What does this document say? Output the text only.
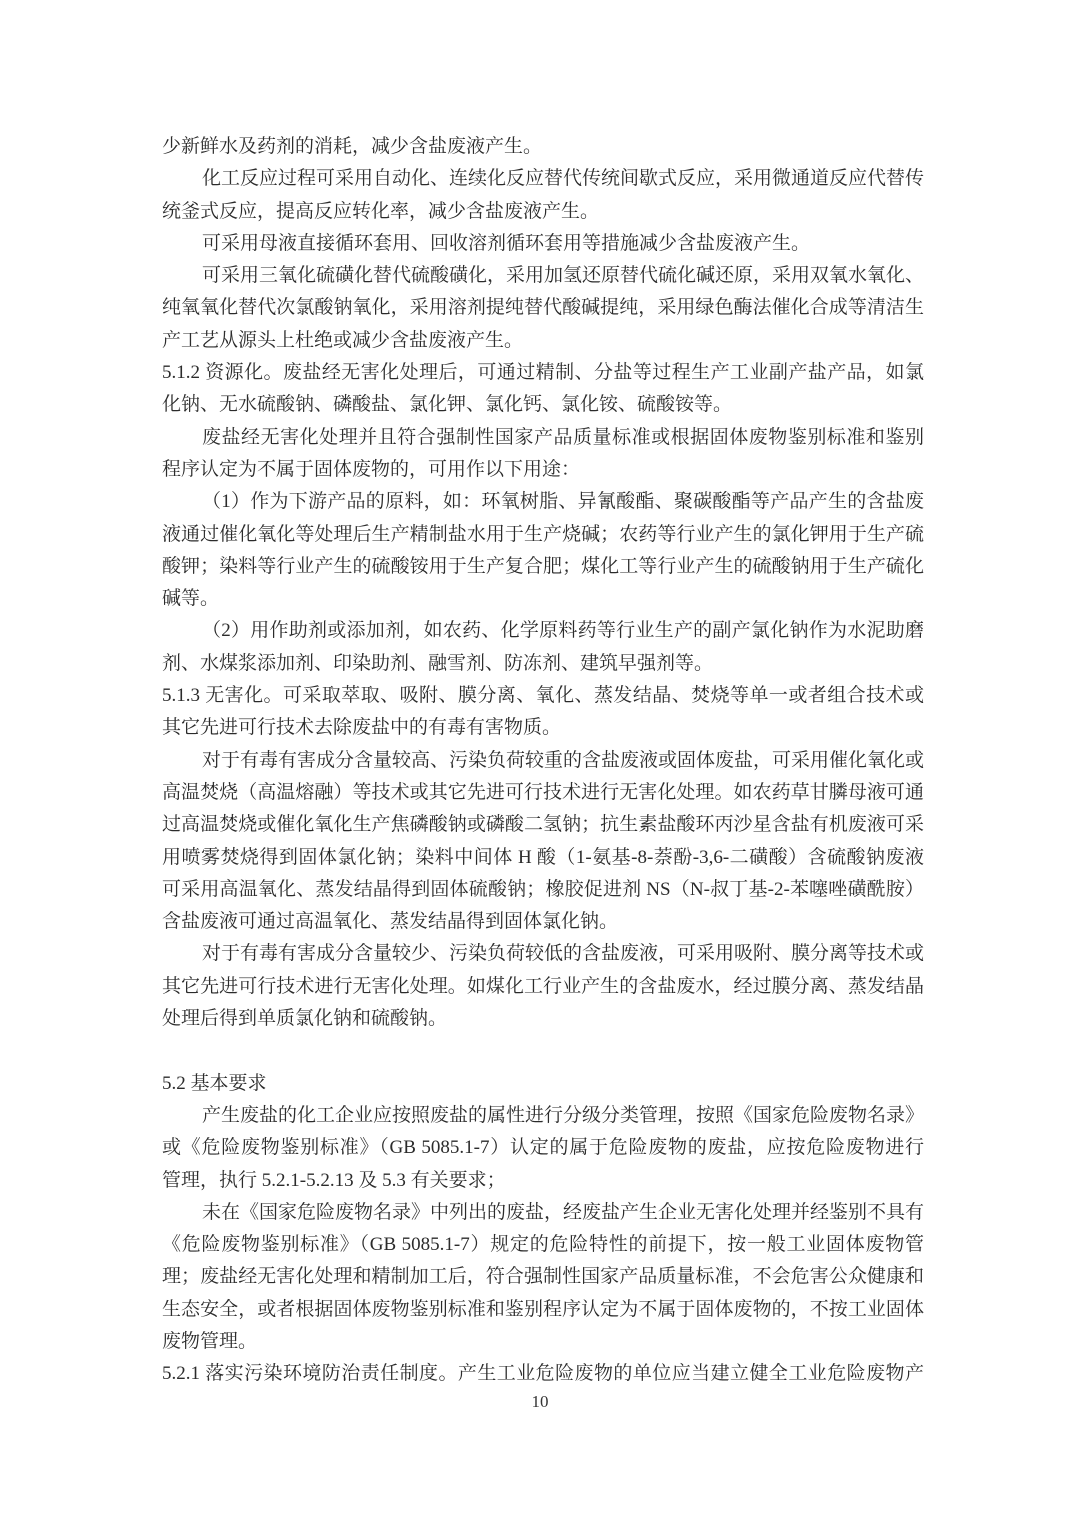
少新鲜水及药剂的消耗，减少含盐废液产生。
化工反应过程可采用自动化、连续化反应替代传统间歇式反应，采用微通道反应代替传
统釜式反应，提高反应转化率，减少含盐废液产生。
可采用母液直接循环套用、回收溶剂循环套用等措施减少含盐废液产生。
可采用三氧化硫磺化替代硫酸磺化，采用加氢还原替代硫化碱还原，采用双氧水氧化、
纯氧氧化替代次氯酸钠氧化，采用溶剂提纯替代酸碱提纯，采用绿色酶法催化合成等清洁生
产工艺从源头上杜绝或减少含盐废液产生。
5.1.2 资源化。废盐经无害化处理后，可通过精制、分盐等过程生产工业副产盐产品，如氯
化钠、无水硫酸钠、磷酸盐、氯化钾、氯化钙、氯化铵、硫酸铵等。
废盐经无害化处理并且符合强制性国家产品质量标准或根据固体废物鉴别标准和鉴别
程序认定为不属于固体废物的，可用作以下用途：
（1）作为下游产品的原料，如：环氧树脂、异氰酸酯、聚碳酸酯等产品产生的含盐废
液通过催化氧化等处理后生产精制盐水用于生产烧碱；农药等行业产生的氯化钾用于生产硫
酸钾；染料等行业产生的硫酸铵用于生产复合肥；煤化工等行业产生的硫酸钠用于生产硫化
碱等。
（2）用作助剂或添加剂，如农药、化学原料药等行业生产的副产氯化钠作为水泥助磨
剂、水煤浆添加剂、印染助剂、融雪剂、防冻剂、建筑早强剂等。
5.1.3 无害化。可采取萃取、吸附、膜分离、氧化、蒸发结晶、焚烧等单一或者组合技术或
其它先进可行技术去除废盐中的有毒有害物质。
对于有毒有害成分含量较高、污染负荷较重的含盐废液或固体废盐，可采用催化氧化或
高温焚烧（高温熔融）等技术或其它先进可行技术进行无害化处理。如农药草甘膦母液可通
过高温焚烧或催化氧化生产焦磷酸钠或磷酸二氢钠；抗生素盐酸环丙沙星含盐有机废液可采
用喷雾焚烧得到固体氯化钠；染料中间体 H 酸（1-氨基-8-萘酚-3,6-二磺酸）含硫酸钠废液
可采用高温氧化、蒸发结晶得到固体硫酸钠；橡胶促进剂 NS（N-叔丁基-2-苯噻唑磺酰胺）
含盐废液可通过高温氧化、蒸发结晶得到固体氯化钠。
对于有毒有害成分含量较少、污染负荷较低的含盐废液，可采用吸附、膜分离等技术或
其它先进可行技术进行无害化处理。如煤化工行业产生的含盐废水，经过膜分离、蒸发结晶
处理后得到单质氯化钠和硫酸钠。
5.2 基本要求
产生废盐的化工企业应按照废盐的属性进行分级分类管理，按照《国家危险废物名录》
或《危险废物鉴别标准》（GB 5085.1-7）认定的属于危险废物的废盐，应按危险废物进行
管理，执行 5.2.1-5.2.13 及 5.3 有关要求；
未在《国家危险废物名录》中列出的废盐，经废盐产生企业无害化处理并经鉴别不具有
《危险废物鉴别标准》（GB 5085.1-7）规定的危险特性的前提下，按一般工业固体废物管
理；废盐经无害化处理和精制加工后，符合强制性国家产品质量标准，不会危害公众健康和
生态安全，或者根据固体废物鉴别标准和鉴别程序认定为不属于固体废物的，不按工业固体
废物管理。
5.2.1 落实污染环境防治责任制度。产生工业危险废物的单位应当建立健全工业危险废物产
10
